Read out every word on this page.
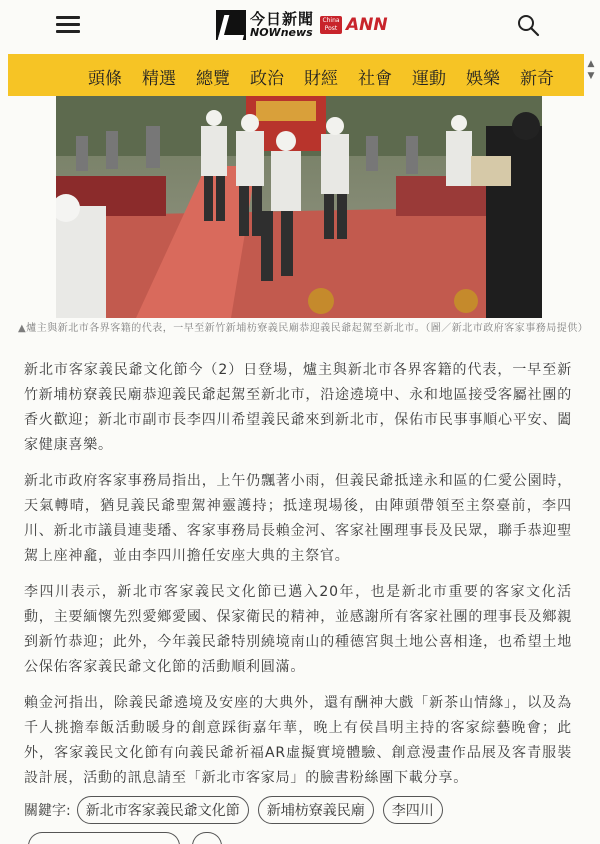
今日新聞
NOWnews
China Post ANN
頭條 精選 總覽 政治 財經 社會 運動 娛樂 新奇
▲
▼
▲爐主與新北市各界客籍的代表，一早至新竹新埔枋寮義民廟恭迎義民爺起駕至新北市。（圖／新北市政府客家事務局提供）

新北市客家義民爺文化節今（2）日登場，爐主與新北市各界客籍的代表，一早至新竹新埔枋寮義民廟恭迎義民爺起駕至新北市，沿途遶境中、永和地區接受客屬社團的香火歡迎；新北市副市長李四川希望義民爺來到新北市，保佑市民事事順心平安、闔家健康喜樂。

新北市政府客家事務局指出，上午仍飄著小雨，但義民爺抵達永和區的仁愛公園時，天氣轉晴，猶見義民爺聖駕神靈護持；抵達現場後，由陣頭帶領至主祭臺前，李四川、新北市議員連斐璠、客家事務局長賴金河、客家社團理事長及民眾，聯手恭迎聖駕上座神龕，並由李四川擔任安座大典的主祭官。

李四川表示，新北市客家義民文化節已邁入20年，也是新北市重要的客家文化活動，主要緬懷先烈愛鄉愛國、保家衛民的精神，並感謝所有客家社團的理事長及鄉親到新竹恭迎；此外，今年義民爺特別繞境南山的種德宮與土地公喜相逢，也希望土地公保佑客家義民爺文化節的活動順利圓滿。

賴金河指出，除義民爺遶境及安座的大典外，還有酬神大戲「新茶山情緣」，以及為千人挑擔奉飯活動暖身的創意踩街嘉年華，晚上有侯昌明主持的客家綜藝晚會；此外，客家義民文化節有向義民爺祈福AR虛擬實境體驗、創意漫畫作品展及客青服裝設計展，活動的訊息請至「新北市客家局」的臉書粉絲團下載分享。

關鍵字:	新北市客家義民爺文化節	新埔枋寮義民廟	李四川
